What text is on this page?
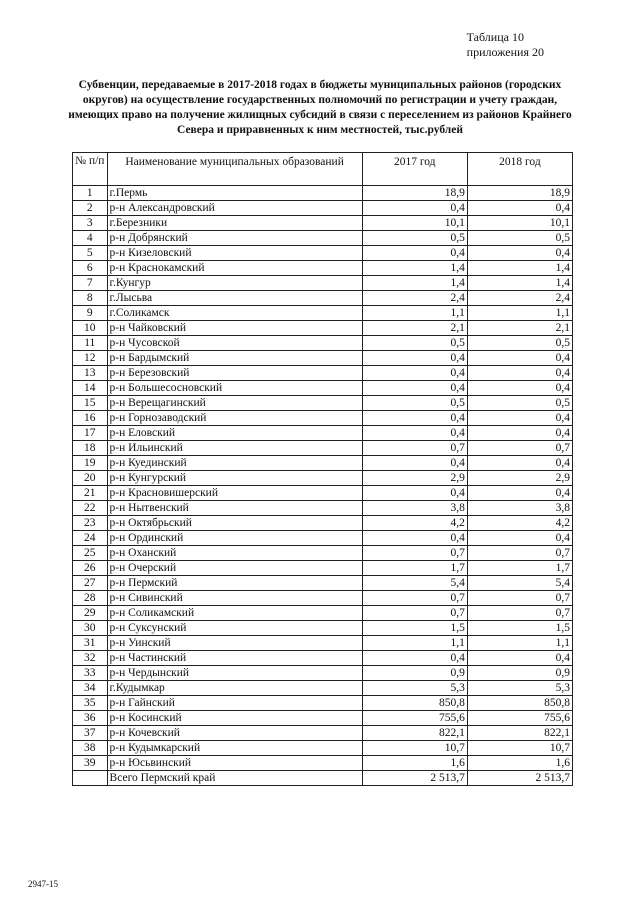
Таблица 10
приложения 20
Субвенции, передаваемые в 2017-2018 годах в бюджеты муниципальных районов (городских округов) на осуществление государственных полномочий по регистрации и учету граждан, имеющих право на получение жилищных субсидий в связи с переселением из районов Крайнего Севера и приравненных к ним местностей, тыс.рублей
№ п/п	Наименование муниципальных образований	2017 год	2018 год
1	г.Пермь	18,9	18,9
2	р-н Александровский	0,4	0,4
3	г.Березники	10,1	10,1
4	р-н Добрянский	0,5	0,5
5	р-н Кизеловский	0,4	0,4
6	р-н Краснокамский	1,4	1,4
7	г.Кунгур	1,4	1,4
8	г.Лысьва	2,4	2,4
9	г.Соликамск	1,1	1,1
10	р-н Чайковский	2,1	2,1
11	р-н Чусовской	0,5	0,5
12	р-н Бардымский	0,4	0,4
13	р-н Березовский	0,4	0,4
14	р-н Большесосновский	0,4	0,4
15	р-н Верещагинский	0,5	0,5
16	р-н Горнозаводский	0,4	0,4
17	р-н Еловский	0,4	0,4
18	р-н Ильинский	0,7	0,7
19	р-н Куединский	0,4	0,4
20	р-н Кунгурский	2,9	2,9
21	р-н Красновишерский	0,4	0,4
22	р-н Нытвенский	3,8	3,8
23	р-н Октябрьский	4,2	4,2
24	р-н Ординский	0,4	0,4
25	р-н Оханский	0,7	0,7
26	р-н Очерский	1,7	1,7
27	р-н Пермский	5,4	5,4
28	р-н Сивинский	0,7	0,7
29	р-н Соликамский	0,7	0,7
30	р-н Суксунский	1,5	1,5
31	р-н Уинский	1,1	1,1
32	р-н Частинский	0,4	0,4
33	р-н Чердынский	0,9	0,9
34	г.Кудымкар	5,3	5,3
35	р-н Гайнский	850,8	850,8
36	р-н Косинский	755,6	755,6
37	р-н Кочевский	822,1	822,1
38	р-н Кудымкарский	10,7	10,7
39	р-н Юсьвинский	1,6	1,6
	Всего Пермский край	2 513,7	2 513,7
2947-15
